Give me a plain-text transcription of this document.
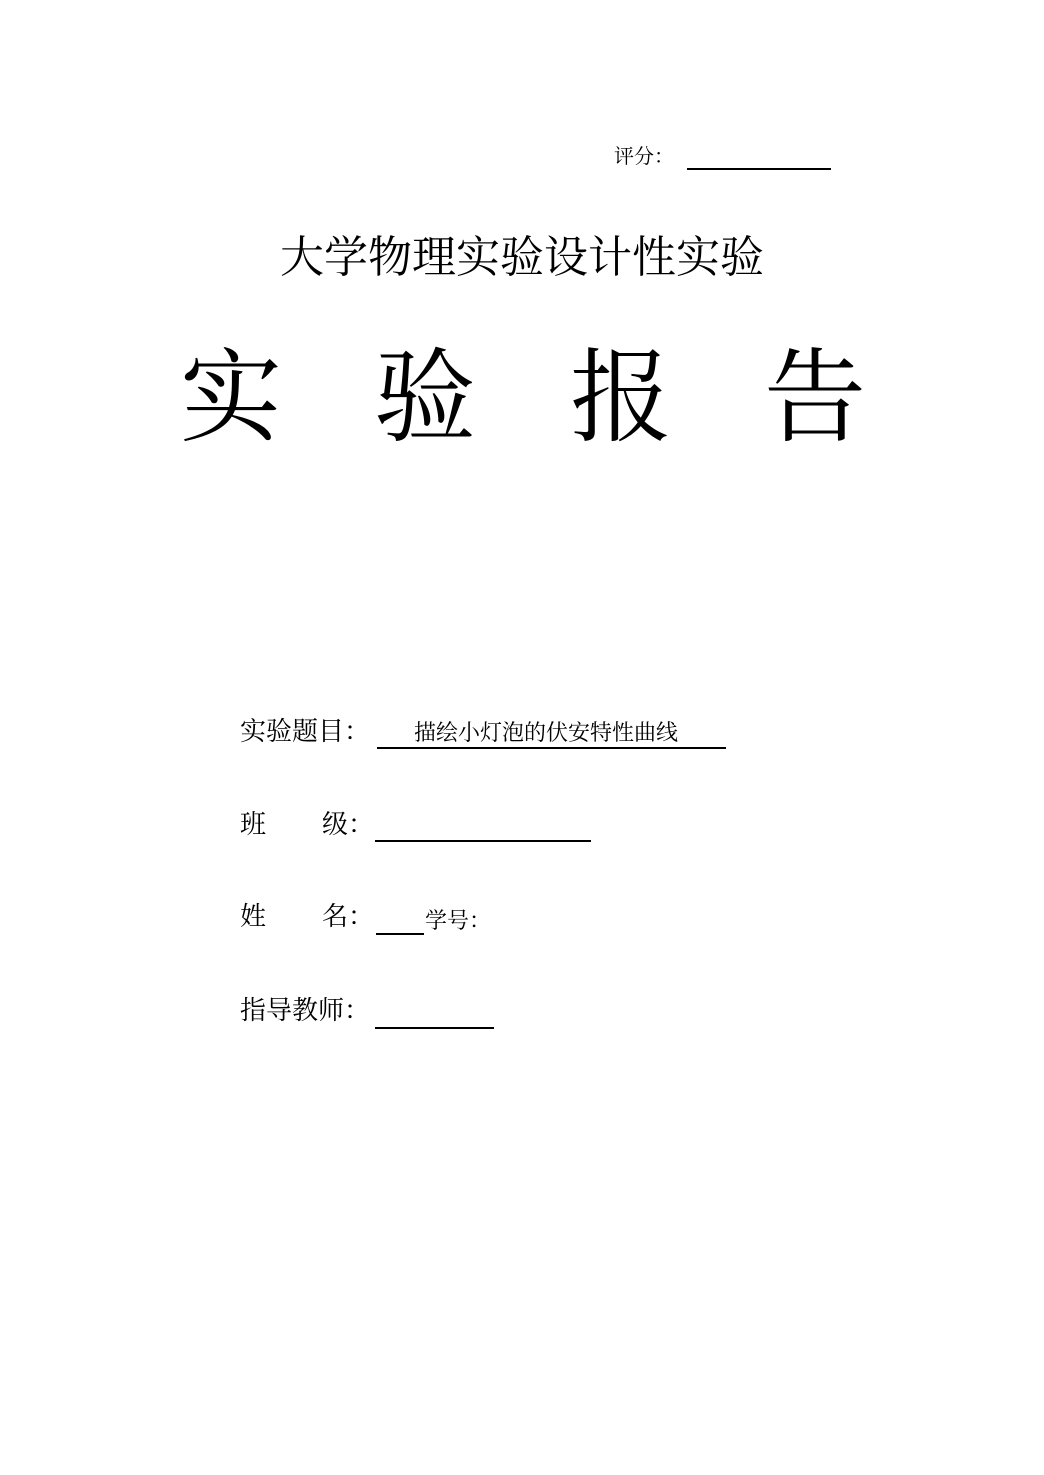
评分：
大学物理实验设计性实验
实 验 报 告
实验题目： 描绘小灯泡的伏安特性曲线
班 级：
姓 名： 学号：
指导教师：
